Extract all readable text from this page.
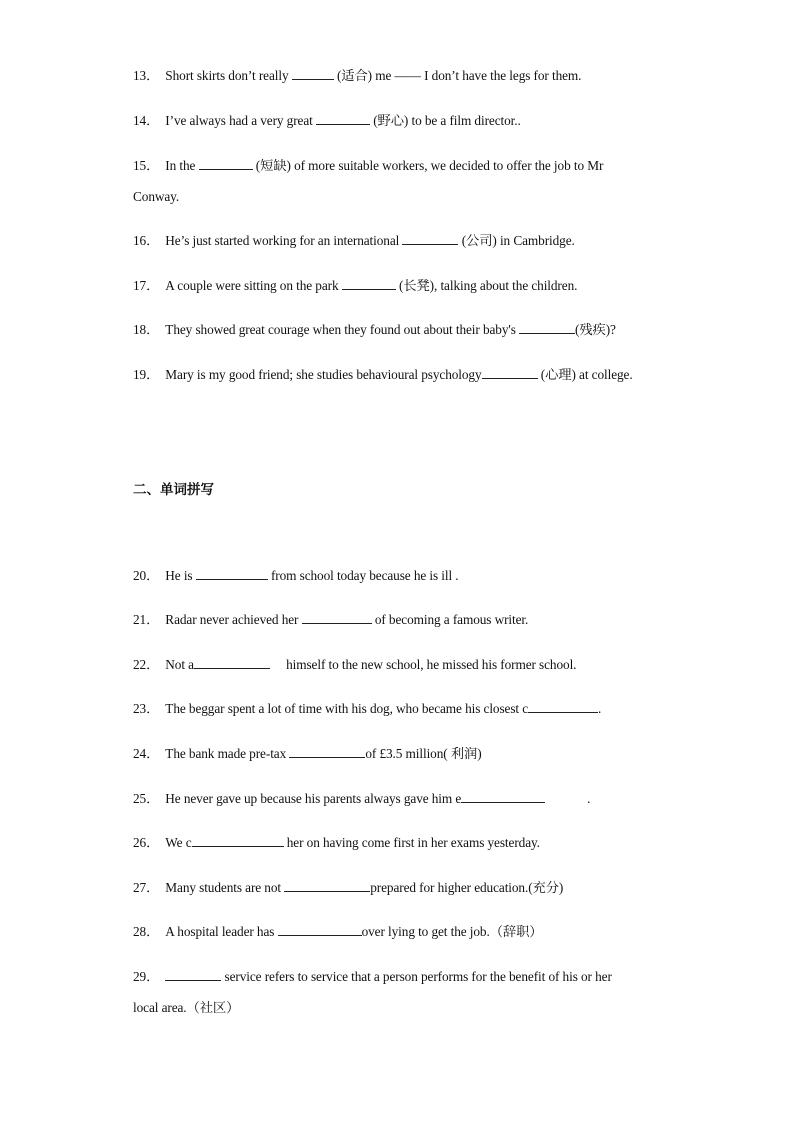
13． Short skirts don’t really	(适合) me —— I don’t have the legs for them.
14． I’ve always had a very great	(野心) to be a film director..
15． In the	(短缺) of more suitable workers, we decided to offer the job to Mr
Conway.
16． He’s just started working for an international	(公司) in Cambridge.
17． A couple were sitting on the park	(长凳), talking about the children.
18． They showed great courage when they found out about their baby's	(残疾)?
19． Mary is my good friend; she studies behavioural psychology	(心理) at college.
二、单词拼写
20． He is	from school today because he is ill .
21． Radar never achieved her	of becoming a famous writer.
22． Not a	himself to the new school, he missed his former school.
23． The beggar spent a lot of time with his dog, who became his closest c	.
24． The bank made pre-tax	of £3.5 million( 利润)
25． He never gave up because his parents always gave him e	.
26． We c	her on having come first in her exams yesterday.
27． Many students are not	prepared for higher education.(充分)
28． A hospital leader has	over lying to get the job.（辞职）
29．	service refers to service that a person performs for the benefit of his or her
local area.（社区）
